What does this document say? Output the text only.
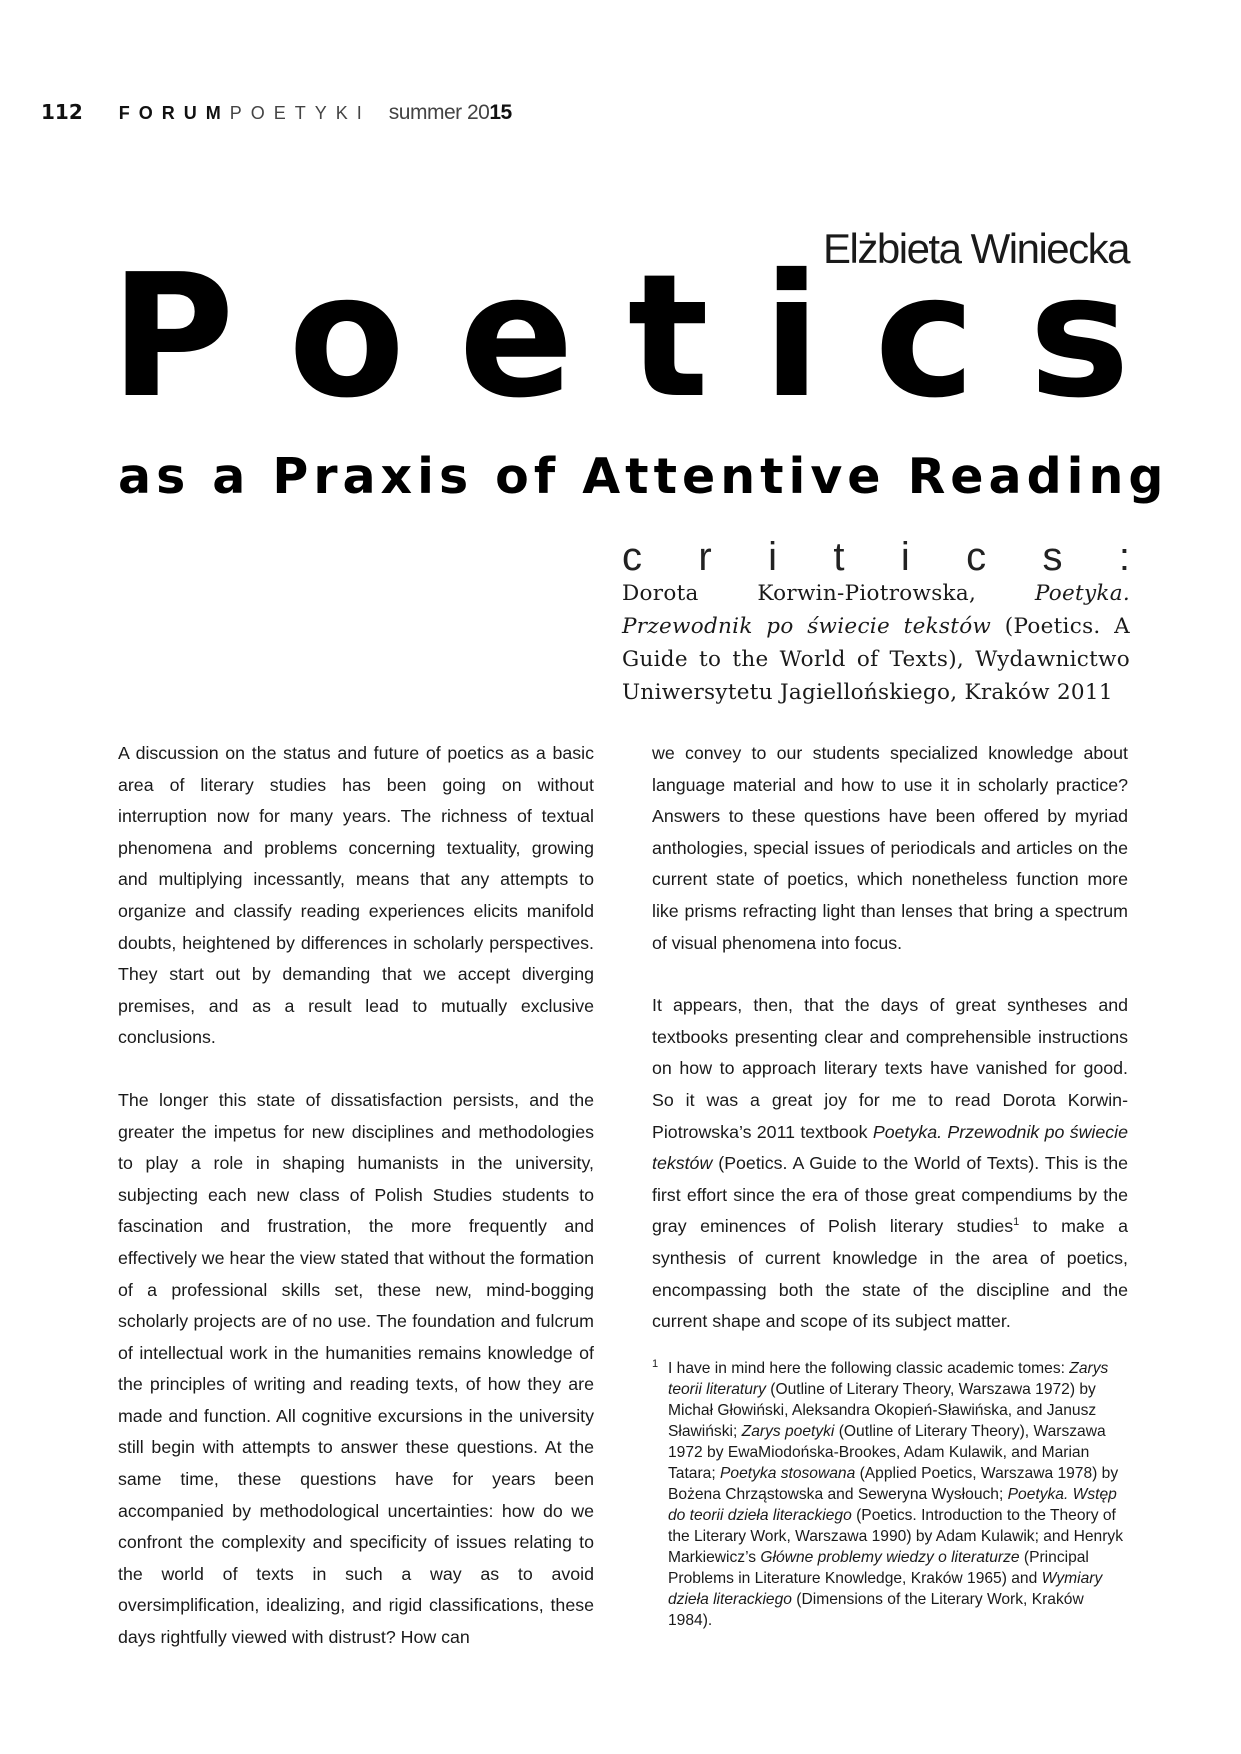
112 FORUM POETYKI summer 2015
Elżbieta Winiecka
P o e t i c s
as a Praxis of Attentive Reading
c r i t i c s :
Dorota Korwin-Piotrowska, Poetyka. Przewodnik po świecie tekstów (Poetics. A Guide to the World of Texts), Wydawnictwo Uniwersytetu Jagiellońskiego, Kraków 2011

A discussion on the status and future of poetics as a basic area of literary studies has been going on without interruption now for many years. The richness of textual phenomena and problems concerning textuality, growing and multiplying incessantly, means that any attempts to organize and classify reading experiences elicits manifold doubts, heightened by differences in scholarly perspectives. They start out by demanding that we accept diverging premises, and as a result lead to mutually exclusive conclusions.

The longer this state of dissatisfaction persists, and the greater the impetus for new disciplines and methodologies to play a role in shaping humanists in the university, subjecting each new class of Polish Studies students to fascination and frustration, the more frequently and effectively we hear the view stated that without the formation of a professional skills set, these new, mind-bogging scholarly projects are of no use. The foundation and fulcrum of intellectual work in the humanities remains knowledge of the principles of writing and reading texts, of how they are made and function. All cognitive excursions in the university still begin with attempts to answer these questions. At the same time, these questions have for years been accompanied by methodological uncertainties: how do we confront the complexity and specificity of issues relating to the world of texts in such a way as to avoid oversimplification, idealizing, and rigid classifications, these days rightfully viewed with distrust? How can

we convey to our students specialized knowledge about language material and how to use it in scholarly practice? Answers to these questions have been offered by myriad anthologies, special issues of periodicals and articles on the current state of poetics, which nonetheless function more like prisms refracting light than lenses that bring a spectrum of visual phenomena into focus.

It appears, then, that the days of great syntheses and textbooks presenting clear and comprehensible instructions on how to approach literary texts have vanished for good. So it was a great joy for me to read Dorota Korwin-Piotrowska’s 2011 textbook Poetyka. Przewodnik po świecie tekstów (Poetics. A Guide to the World of Texts). This is the first effort since the era of those great compendiums by the gray eminences of Polish literary studies$^1$ to make a synthesis of current knowledge in the area of poetics, encompassing both the state of the discipline and the current shape and scope of its subject matter.

1 I have in mind here the following classic academic tomes: Zarys teorii literatury (Outline of Literary Theory, Warszawa 1972) by Michał Głowiński, Aleksandra Okopień-Sławińska, and Janusz Sławiński; Zarys poetyki (Outline of Literary Theory), Warszawa 1972 by EwaMiodońska-Brookes, Adam Kulawik, and Marian Tatara; Poetyka stosowana (Applied Poetics, Warszawa 1978) by Bożena Chrząstowska and Seweryna Wysłouch; Poetyka. Wstęp do teorii dzieła literackiego (Poetics. Introduction to the Theory of the Literary Work, Warszawa 1990) by Adam Kulawik; and Henryk Markiewicz’s Główne problemy wiedzy o literaturze (Principal Problems in Literature Knowledge, Kraków 1965) and Wymiary dzieła literackiego (Dimensions of the Literary Work, Kraków 1984).
